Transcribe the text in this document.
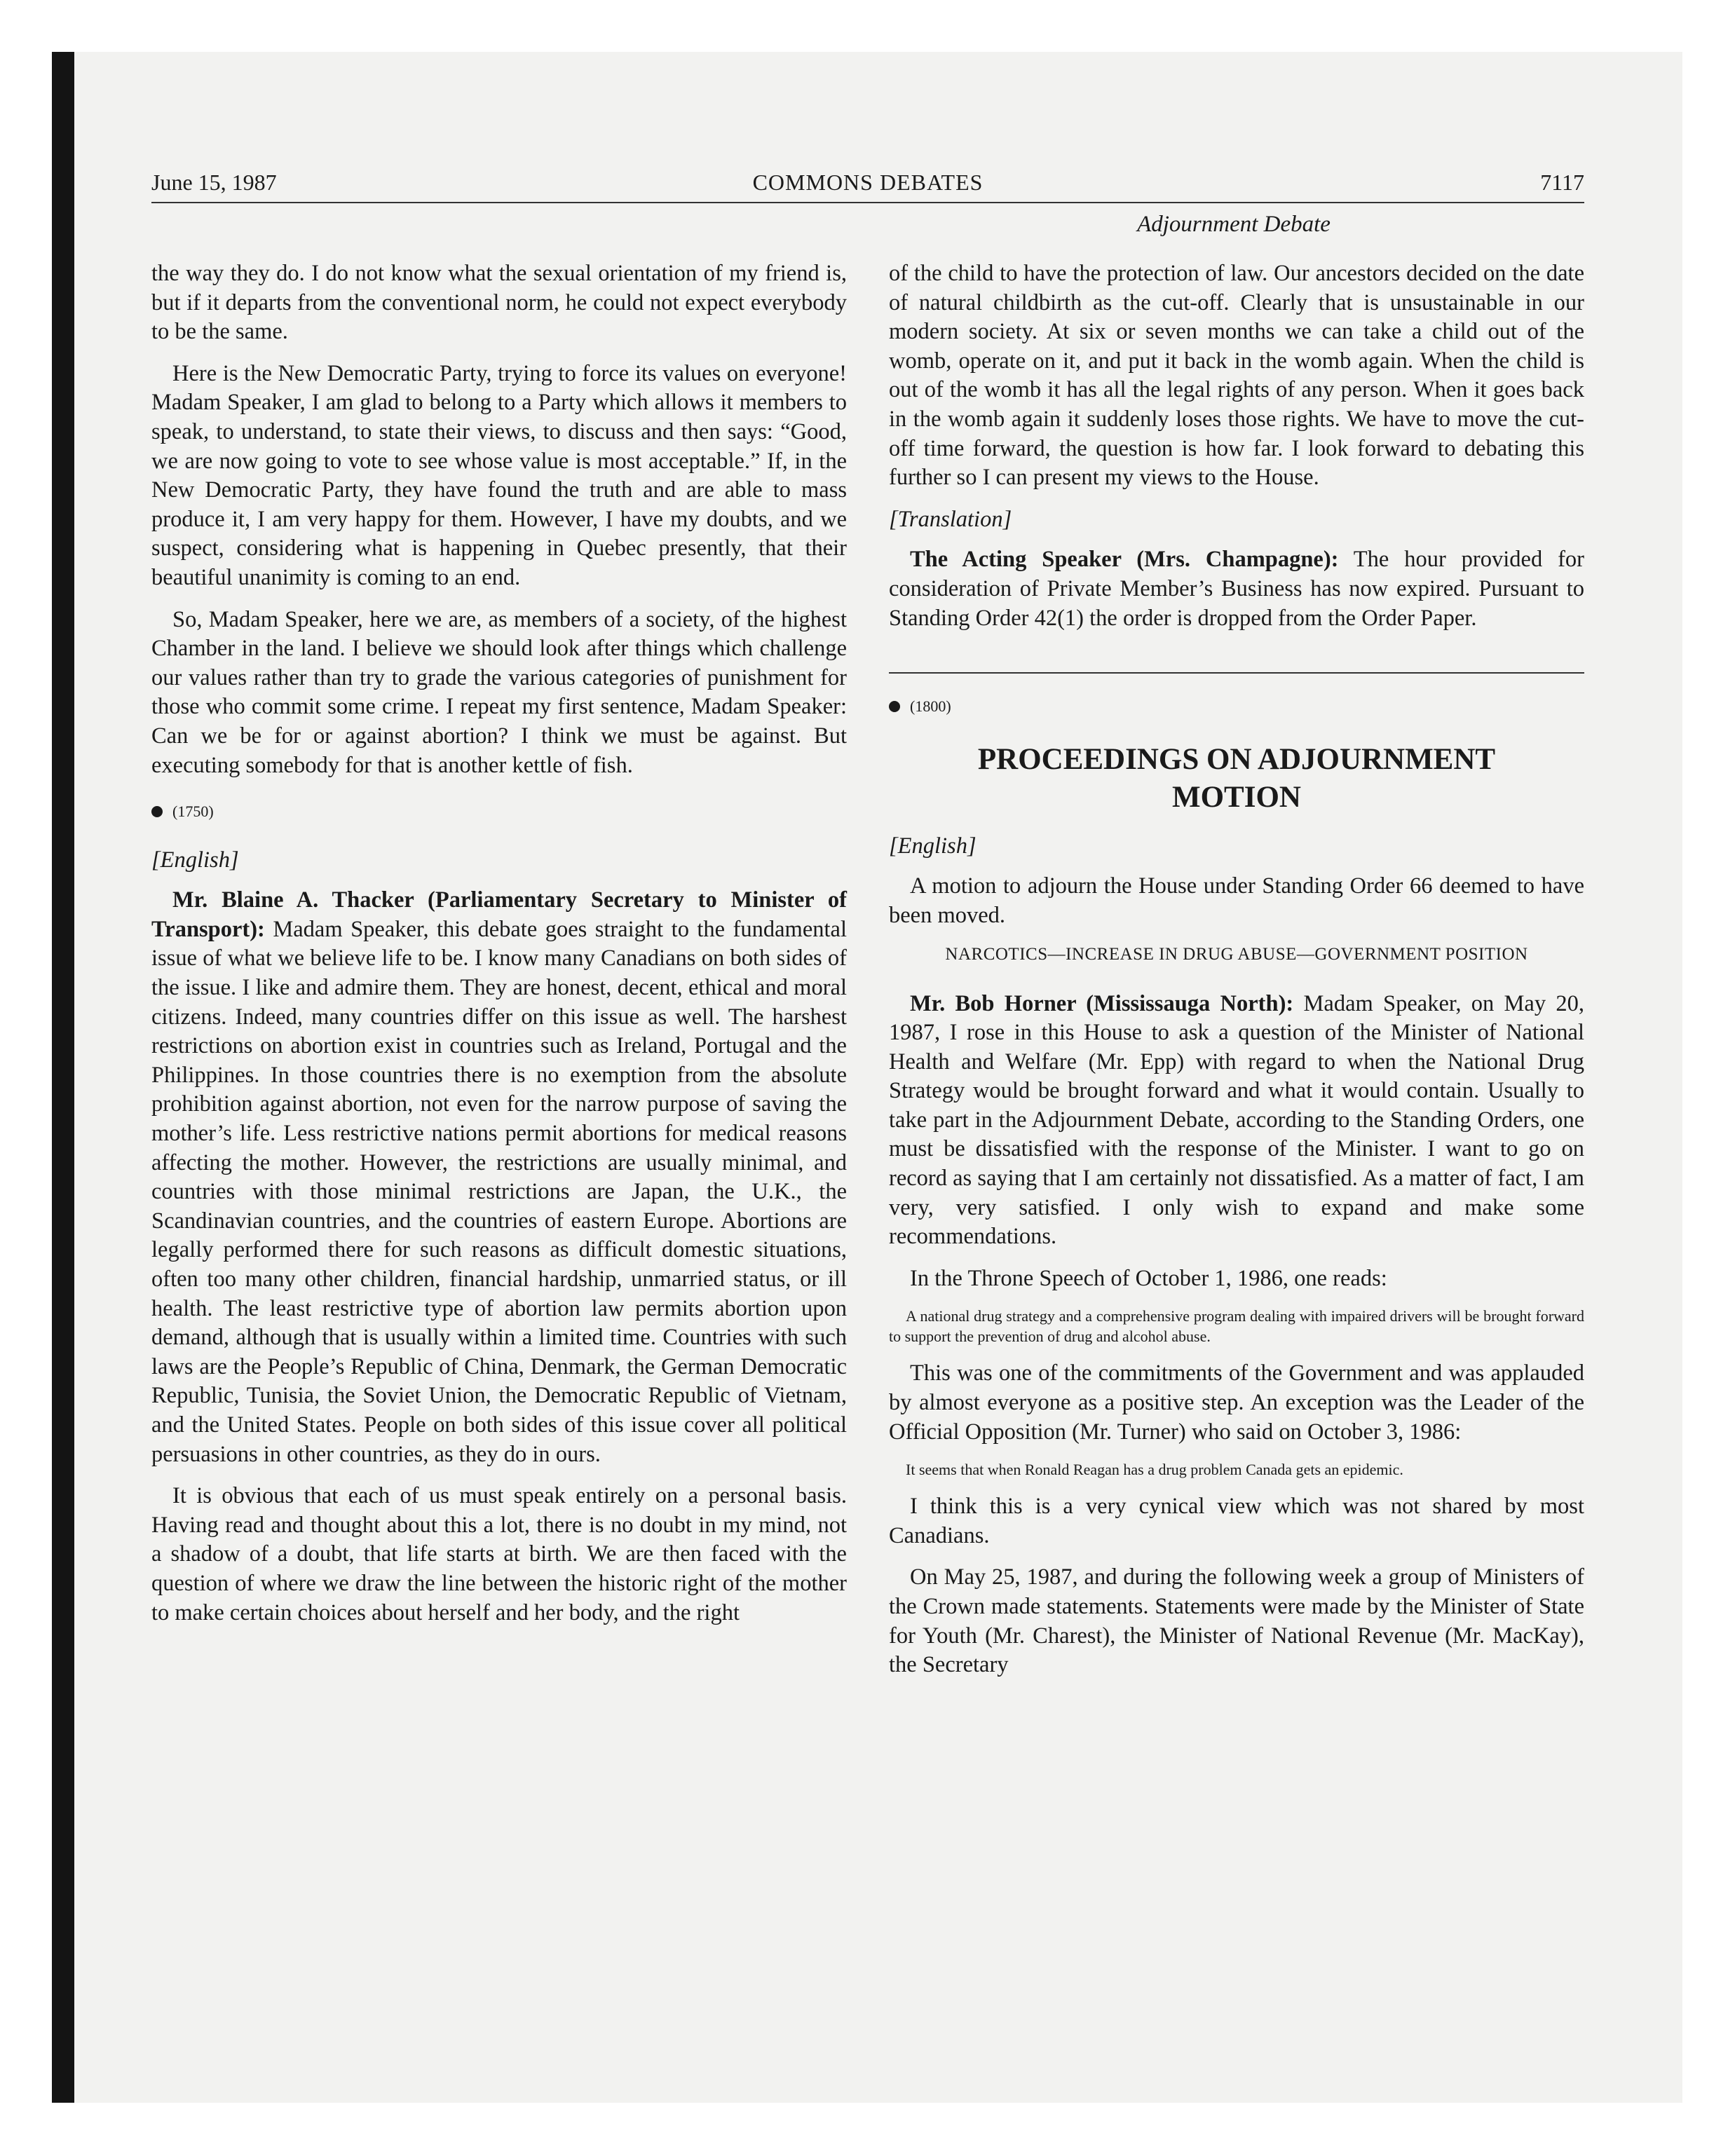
June 15, 1987	COMMONS DEBATES	7117
Adjournment Debate

the way they do. I do not know what the sexual orientation of my friend is, but if it departs from the conventional norm, he could not expect everybody to be the same.

Here is the New Democratic Party, trying to force its values on everyone! Madam Speaker, I am glad to belong to a Party which allows it members to speak, to understand, to state their views, to discuss and then says: “Good, we are now going to vote to see whose value is most acceptable.” If, in the New Democratic Party, they have found the truth and are able to mass produce it, I am very happy for them. However, I have my doubts, and we suspect, considering what is happening in Quebec presently, that their beautiful unanimity is coming to an end.

So, Madam Speaker, here we are, as members of a society, of the highest Chamber in the land. I believe we should look after things which challenge our values rather than try to grade the various categories of punishment for those who commit some crime. I repeat my first sentence, Madam Speaker: Can we be for or against abortion? I think we must be against. But executing somebody for that is another kettle of fish.

(1750)
[English]

Mr. Blaine A. Thacker (Parliamentary Secretary to Minister of Transport): Madam Speaker, this debate goes straight to the fundamental issue of what we believe life to be. I know many Canadians on both sides of the issue. I like and admire them. They are honest, decent, ethical and moral citizens. Indeed, many countries differ on this issue as well. The harshest restrictions on abortion exist in countries such as Ireland, Portugal and the Philippines. In those countries there is no exemption from the absolute prohibition against abortion, not even for the narrow purpose of saving the mother’s life. Less restrictive nations permit abortions for medical reasons affecting the mother. However, the restrictions are usually minimal, and countries with those minimal restrictions are Japan, the U.K., the Scandinavian countries, and the countries of eastern Europe. Abortions are legally performed there for such reasons as difficult domestic situations, often too many other children, financial hardship, unmarried status, or ill health. The least restrictive type of abortion law permits abortion upon demand, although that is usually within a limited time. Countries with such laws are the People’s Republic of China, Denmark, the German Democratic Republic, Tunisia, the Soviet Union, the Democratic Republic of Vietnam, and the United States. People on both sides of this issue cover all political persuasions in other countries, as they do in ours.

It is obvious that each of us must speak entirely on a personal basis. Having read and thought about this a lot, there is no doubt in my mind, not a shadow of a doubt, that life starts at birth. We are then faced with the question of where we draw the line between the historic right of the mother to make certain choices about herself and her body, and the right

of the child to have the protection of law. Our ancestors decided on the date of natural childbirth as the cut-off. Clearly that is unsustainable in our modern society. At six or seven months we can take a child out of the womb, operate on it, and put it back in the womb again. When the child is out of the womb it has all the legal rights of any person. When it goes back in the womb again it suddenly loses those rights. We have to move the cut-off time forward, the question is how far. I look forward to debating this further so I can present my views to the House.

[Translation]

The Acting Speaker (Mrs. Champagne): The hour provided for consideration of Private Member’s Business has now expired. Pursuant to Standing Order 42(1) the order is dropped from the Order Paper.

(1800)
PROCEEDINGS ON ADJOURNMENT MOTION
[English]

A motion to adjourn the House under Standing Order 66 deemed to have been moved.

NARCOTICS—INCREASE IN DRUG ABUSE—GOVERNMENT POSITION

Mr. Bob Horner (Mississauga North): Madam Speaker, on May 20, 1987, I rose in this House to ask a question of the Minister of National Health and Welfare (Mr. Epp) with regard to when the National Drug Strategy would be brought forward and what it would contain. Usually to take part in the Adjournment Debate, according to the Standing Orders, one must be dissatisfied with the response of the Minister. I want to go on record as saying that I am certainly not dissatisfied. As a matter of fact, I am very, very satisfied. I only wish to expand and make some recommendations.

In the Throne Speech of October 1, 1986, one reads:

A national drug strategy and a comprehensive program dealing with impaired drivers will be brought forward to support the prevention of drug and alcohol abuse.

This was one of the commitments of the Government and was applauded by almost everyone as a positive step. An exception was the Leader of the Official Opposition (Mr. Turner) who said on October 3, 1986:

It seems that when Ronald Reagan has a drug problem Canada gets an epidemic.

I think this is a very cynical view which was not shared by most Canadians.

On May 25, 1987, and during the following week a group of Ministers of the Crown made statements. Statements were made by the Minister of State for Youth (Mr. Charest), the Minister of National Revenue (Mr. MacKay), the Secretary
